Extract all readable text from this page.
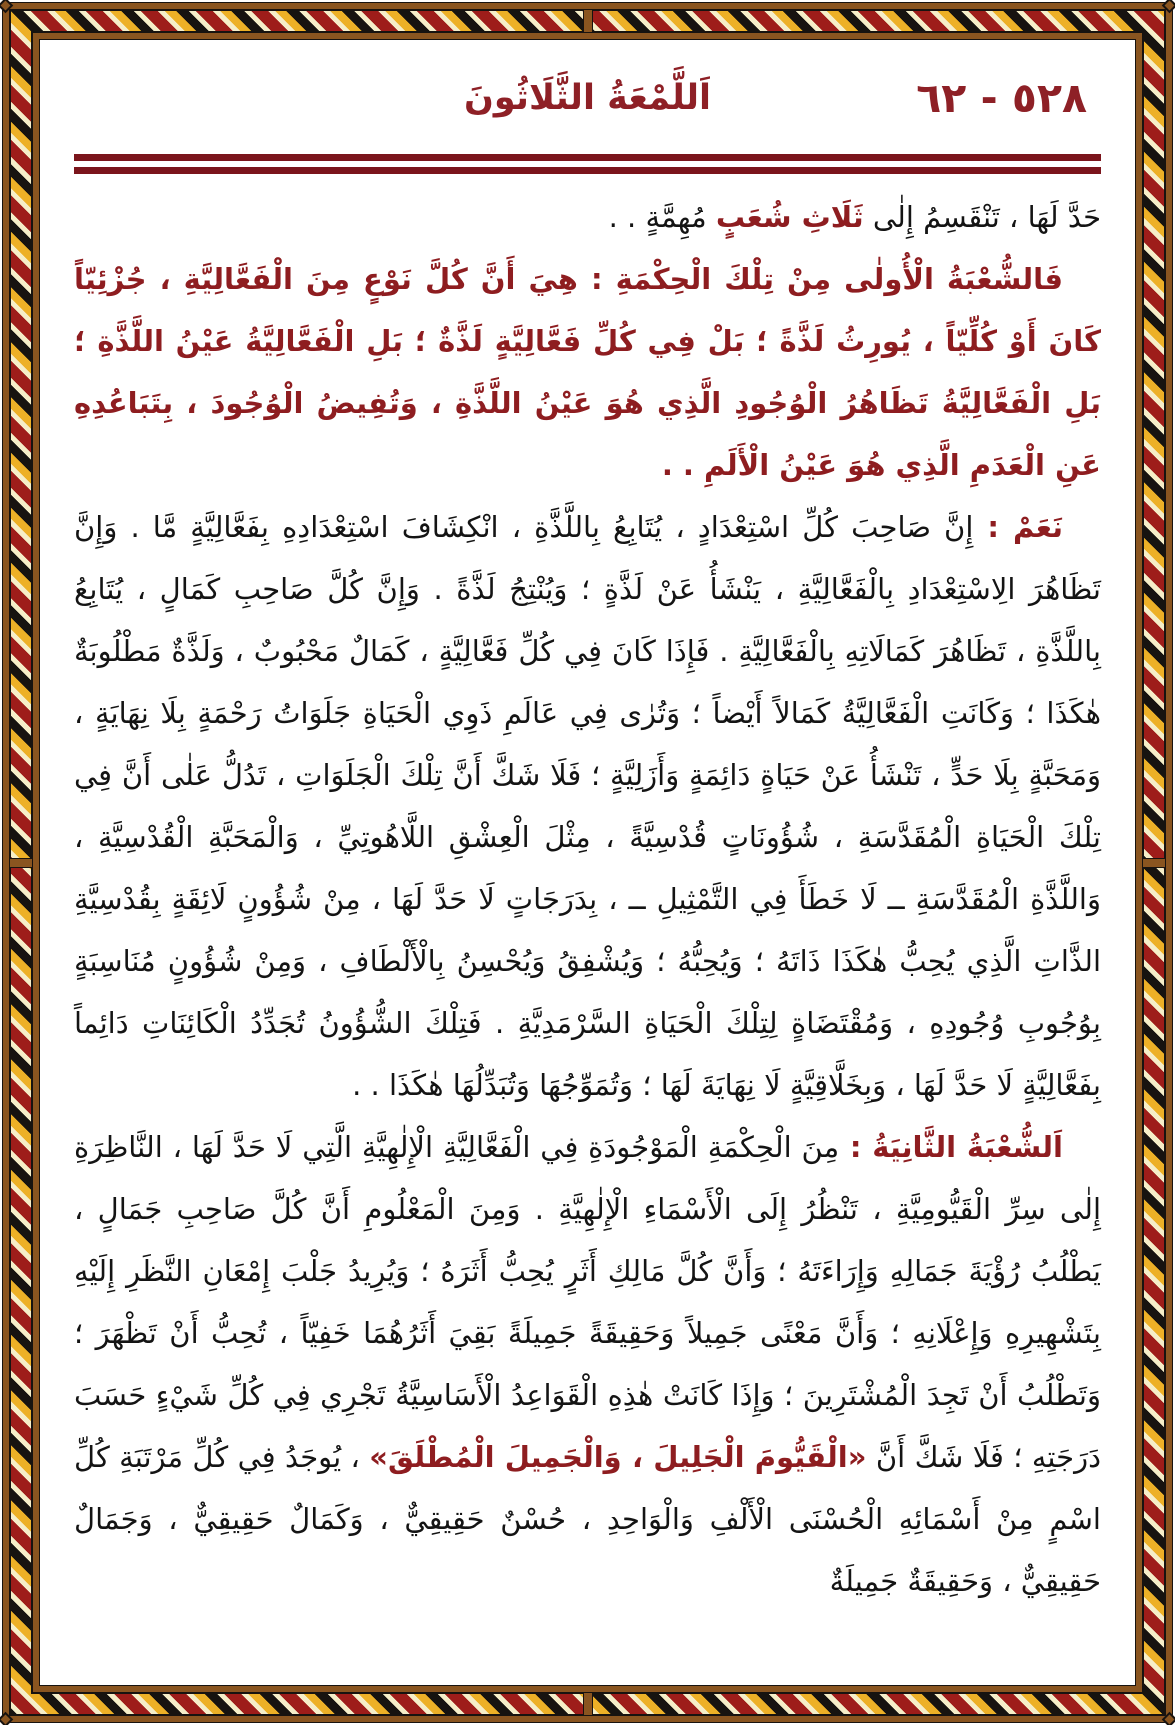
٥٢٨ - ٦٢
اَللَّمْعَةُ الثَّلَاثُونَ

حَدَّ لَهَا ، تَنْقَسِمُ إِلٰى ثَلَاثِ شُعَبٍ مُهِمَّةٍ . .

فَالشُّعْبَةُ الْأُولٰى مِنْ تِلْكَ الْحِكْمَةِ : هِيَ أَنَّ كُلَّ نَوْعٍ مِنَ الْفَعَّالِيَّةِ ، جُزْئِيّاً كَانَ أَوْ كُلِّيّاً ، يُورِثُ لَذَّةً ؛ بَلْ فِي كُلِّ فَعَّالِيَّةٍ لَذَّةٌ ؛ بَلِ الْفَعَّالِيَّةُ عَيْنُ اللَّذَّةِ ؛ بَلِ الْفَعَّالِيَّةُ تَظَاهُرُ الْوُجُودِ الَّذِي هُوَ عَيْنُ اللَّذَّةِ ، وَتُفِيضُ الْوُجُودَ ، بِتَبَاعُدِهِ عَنِ الْعَدَمِ الَّذِي هُوَ عَيْنُ الْأَلَمِ . .

نَعَمْ : إِنَّ صَاحِبَ كُلِّ اسْتِعْدَادٍ ، يُتَابِعُ بِاللَّذَّةِ ، انْكِشَافَ اسْتِعْدَادِهِ بِفَعَّالِيَّةٍ مَّا . وَإِنَّ تَظَاهُرَ الِاسْتِعْدَادِ بِالْفَعَّالِيَّةِ ، يَنْشَأُ عَنْ لَذَّةٍ ؛ وَيُنْتِجُ لَذَّةً . وَإِنَّ كُلَّ صَاحِبِ كَمَالٍ ، يُتَابِعُ بِاللَّذَّةِ ، تَظَاهُرَ كَمَالَاتِهِ بِالْفَعَّالِيَّةِ . فَإِذَا كَانَ فِي كُلِّ فَعَّالِيَّةٍ ، كَمَالٌ مَحْبُوبٌ ، وَلَذَّةٌ مَطْلُوبَةٌ هٰكَذَا ؛ وَكَانَتِ الْفَعَّالِيَّةُ كَمَالاً أَيْضاً ؛ وَتُرٰى فِي عَالَمِ ذَوِي الْحَيَاةِ جَلَوَاتُ رَحْمَةٍ بِلَا نِهَايَةٍ ، وَمَحَبَّةٍ بِلَا حَدٍّ ، تَنْشَأُ عَنْ حَيَاةٍ دَائِمَةٍ وَأَزَلِيَّةٍ ؛ فَلَا شَكَّ أَنَّ تِلْكَ الْجَلَوَاتِ ، تَدُلُّ عَلٰى أَنَّ فِي تِلْكَ الْحَيَاةِ الْمُقَدَّسَةِ ، شُؤُونَاتٍ قُدْسِيَّةً ، مِثْلَ الْعِشْقِ اللَّاهُوتِيِّ ، وَالْمَحَبَّةِ الْقُدْسِيَّةِ ، وَاللَّذَّةِ الْمُقَدَّسَةِ ــ لَا خَطَأَ فِي التَّمْثِيلِ ــ ، بِدَرَجَاتٍ لَا حَدَّ لَهَا ، مِنْ شُؤُونٍ لَائِقَةٍ بِقُدْسِيَّةِ الذَّاتِ الَّذِي يُحِبُّ هٰكَذَا ذَاتَهُ ؛ وَيُحِبُّهُ ؛ وَيُشْفِقُ وَيُحْسِنُ بِالْأَلْطَافِ ، وَمِنْ شُؤُونٍ مُنَاسِبَةٍ بِوُجُوبِ وُجُودِهِ ، وَمُقْتَضَاةٍ لِتِلْكَ الْحَيَاةِ السَّرْمَدِيَّةِ . فَتِلْكَ الشُّؤُونُ تُجَدِّدُ الْكَائِنَاتِ دَائِماً بِفَعَّالِيَّةٍ لَا حَدَّ لَهَا ، وَبِخَلَّاقِيَّةٍ لَا نِهَايَةَ لَهَا ؛ وَتُمَوِّجُهَا وَتُبَدِّلُهَا هٰكَذَا . .

اَلشُّعْبَةُ الثَّانِيَةُ : مِنَ الْحِكْمَةِ الْمَوْجُودَةِ فِي الْفَعَّالِيَّةِ الْإِلٰهِيَّةِ الَّتِي لَا حَدَّ لَهَا ، النَّاظِرَةِ إِلٰى سِرِّ الْقَيُّومِيَّةِ ، تَنْظُرُ إِلَى الْأَسْمَاءِ الْإِلٰهِيَّةِ . وَمِنَ الْمَعْلُومِ أَنَّ كُلَّ صَاحِبِ جَمَالٍ ، يَطْلُبُ رُؤْيَةَ جَمَالِهِ وَإِرَاءَتَهُ ؛ وَأَنَّ كُلَّ مَالِكِ أَثَرٍ يُحِبُّ أَثَرَهُ ؛ وَيُرِيدُ جَلْبَ إِمْعَانِ النَّظَرِ إِلَيْهِ بِتَشْهِيرِهِ وَإِعْلَانِهِ ؛ وَأَنَّ مَعْنًى جَمِيلاً وَحَقِيقَةً جَمِيلَةً بَقِيَ أَثَرُهُمَا خَفِيّاً ، تُحِبُّ أَنْ تَظْهَرَ ؛ وَتَطْلُبُ أَنْ تَجِدَ الْمُشْتَرِينَ ؛ وَإِذَا كَانَتْ هٰذِهِ الْقَوَاعِدُ الْأَسَاسِيَّةُ تَجْرِي فِي كُلِّ شَيْءٍ حَسَبَ دَرَجَتِهِ ؛ فَلَا شَكَّ أَنَّ «الْقَيُّومَ الْجَلِيلَ ، وَالْجَمِيلَ الْمُطْلَقَ» ، يُوجَدُ فِي كُلِّ مَرْتَبَةِ كُلِّ اسْمٍ مِنْ أَسْمَائِهِ الْحُسْنَى الْأَلْفِ وَالْوَاحِدِ ، حُسْنٌ حَقِيقِيٌّ ، وَكَمَالٌ حَقِيقِيٌّ ، وَجَمَالٌ حَقِيقِيٌّ ، وَحَقِيقَةٌ جَمِيلَةٌ
